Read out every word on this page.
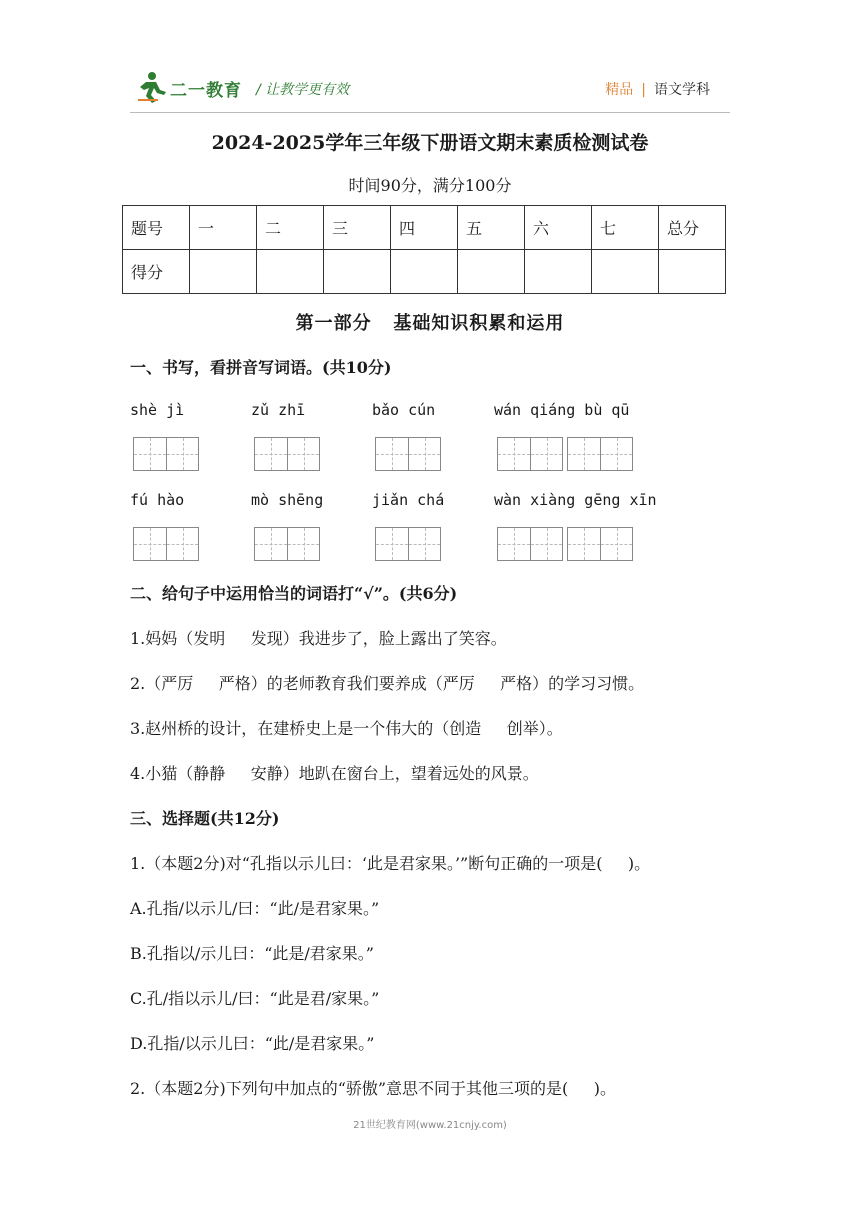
二一教育 / 让教学更有效	精品 | 语文学科
2024-2025学年三年级下册语文期末素质检测试卷
时间90分，满分100分
题号	一	二	三	四	五	六	七	总分
得分								
第一部分   基础知识积累和运用
一、书写，看拼音写词语。(共10分)
shè jì	zǔ zhī	bǎo cún	wán qiáng bù qū
fú hào	mò shēng	jiǎn chá	wàn xiàng gēng xīn
二、给句子中运用恰当的词语打“√”。(共6分)
1.妈妈（发明     发现）我进步了，脸上露出了笑容。
2.（严厉     严格）的老师教育我们要养成（严厉     严格）的学习习惯。
3.赵州桥的设计，在建桥史上是一个伟大的（创造     创举）。
4.小猫（静静     安静）地趴在窗台上，望着远处的风景。
三、选择题(共12分)
1.（本题2分)对“孔指以示儿曰：‘此是君家果。’”断句正确的一项是(     )。
A.孔指/以示儿/曰：“此/是君家果。”
B.孔指以/示儿曰：“此是/君家果。”
C.孔/指以示儿/曰：“此是君/家果。”
D.孔指/以示儿曰：“此/是君家果。”
2.（本题2分)下列句中加点的“骄傲”意思不同于其他三项的是(     )。
21世纪教育网(www.21cnjy.com)
